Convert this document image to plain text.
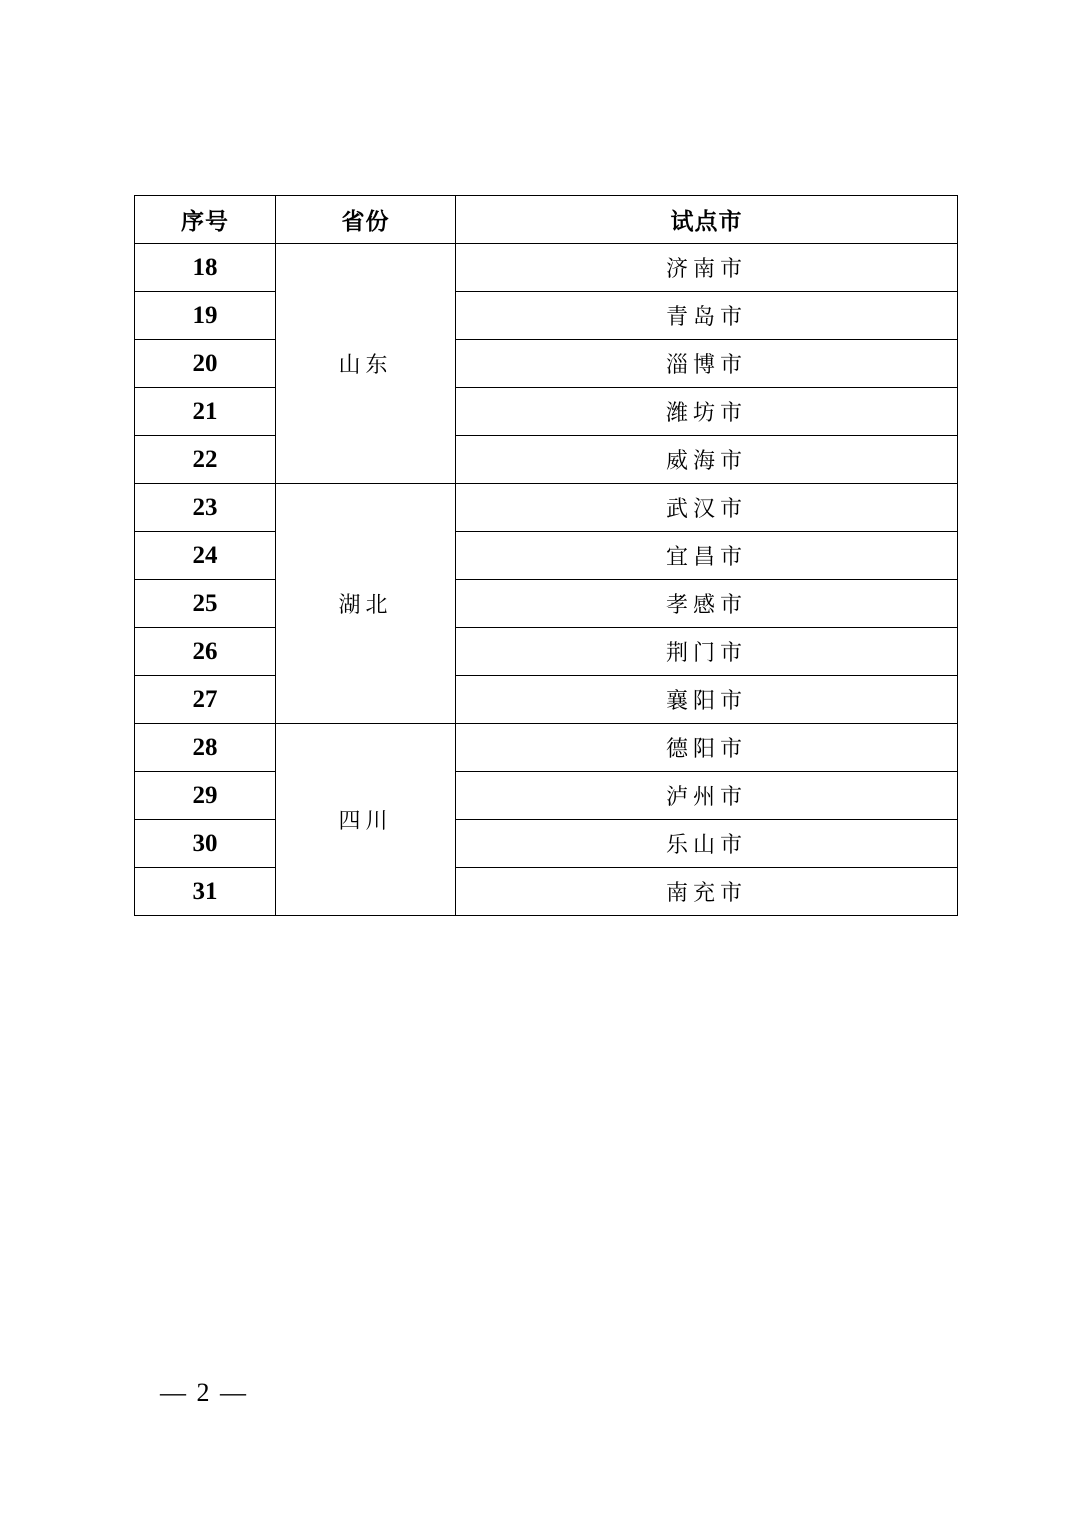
序号	省份	试点市
18	山东	济南市
19		青岛市
20		淄博市
21		潍坊市
22		威海市
23	湖北	武汉市
24		宜昌市
25		孝感市
26		荆门市
27		襄阳市
28	四川	德阳市
29		泸州市
30		乐山市
31		南充市
— 2 —
